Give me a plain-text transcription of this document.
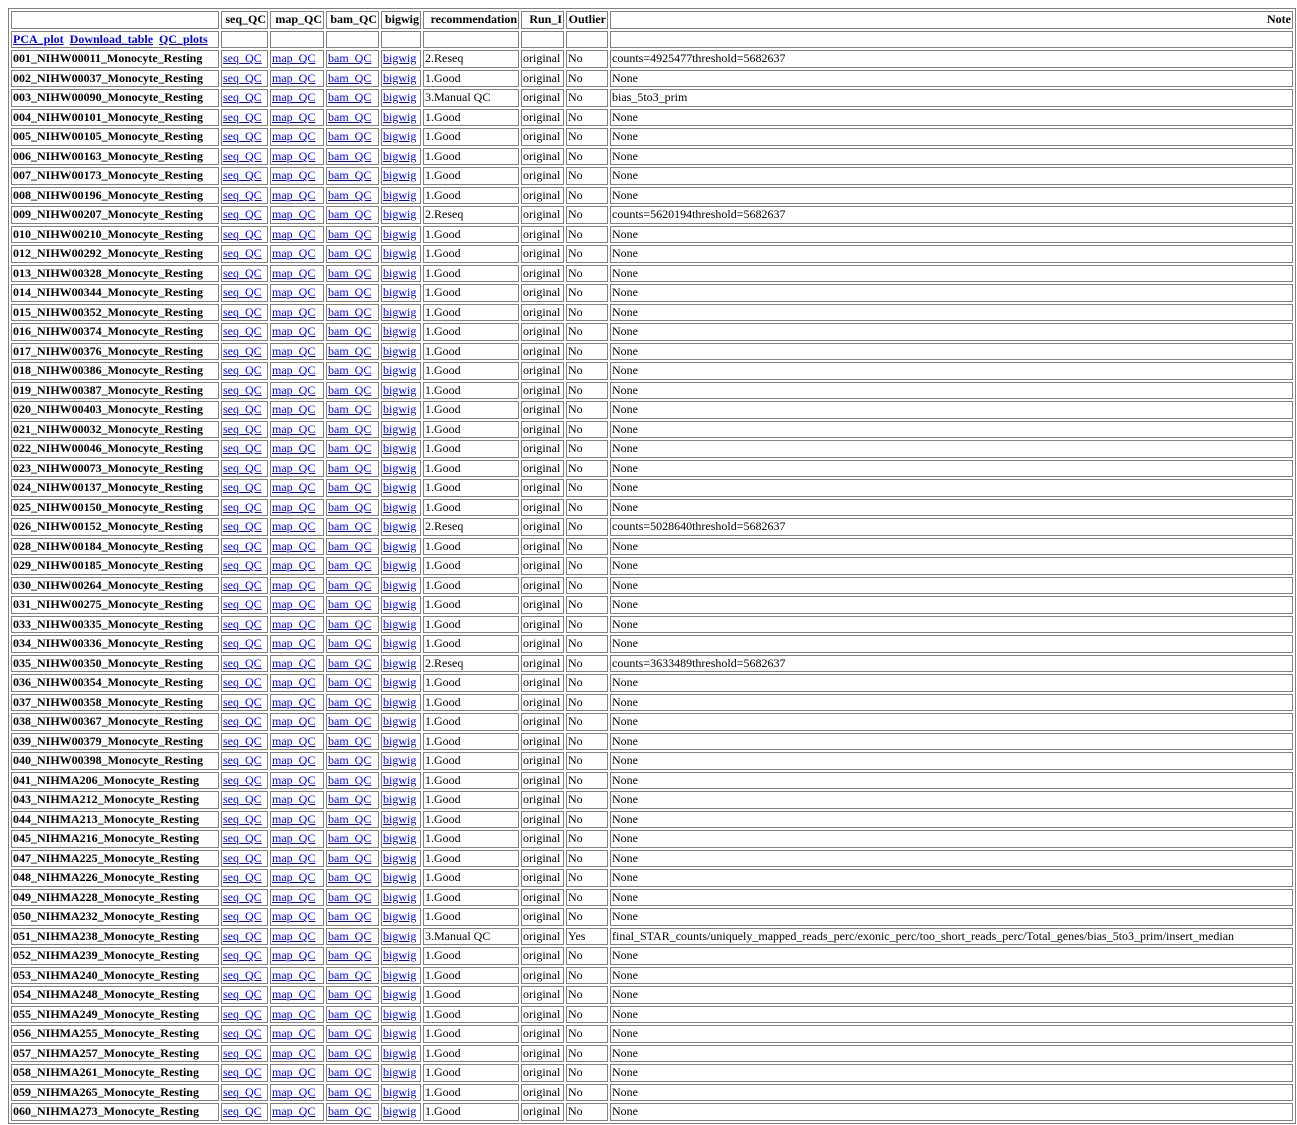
	seq_QC	map_QC	bam_QC	bigwig	recommendation	Run_I	Outlier	Note
PCA_plot Download_table QC_plots								
001_NIHW00011_Monocyte_Resting	seq_QC	map_QC	bam_QC	bigwig	2.Reseq	original	No	counts=4925477threshold=5682637
002_NIHW00037_Monocyte_Resting	seq_QC	map_QC	bam_QC	bigwig	1.Good	original	No	None
003_NIHW00090_Monocyte_Resting	seq_QC	map_QC	bam_QC	bigwig	3.Manual QC	original	No	bias_5to3_prim
004_NIHW00101_Monocyte_Resting	seq_QC	map_QC	bam_QC	bigwig	1.Good	original	No	None
005_NIHW00105_Monocyte_Resting	seq_QC	map_QC	bam_QC	bigwig	1.Good	original	No	None
006_NIHW00163_Monocyte_Resting	seq_QC	map_QC	bam_QC	bigwig	1.Good	original	No	None
007_NIHW00173_Monocyte_Resting	seq_QC	map_QC	bam_QC	bigwig	1.Good	original	No	None
008_NIHW00196_Monocyte_Resting	seq_QC	map_QC	bam_QC	bigwig	1.Good	original	No	None
009_NIHW00207_Monocyte_Resting	seq_QC	map_QC	bam_QC	bigwig	2.Reseq	original	No	counts=5620194threshold=5682637
010_NIHW00210_Monocyte_Resting	seq_QC	map_QC	bam_QC	bigwig	1.Good	original	No	None
012_NIHW00292_Monocyte_Resting	seq_QC	map_QC	bam_QC	bigwig	1.Good	original	No	None
013_NIHW00328_Monocyte_Resting	seq_QC	map_QC	bam_QC	bigwig	1.Good	original	No	None
014_NIHW00344_Monocyte_Resting	seq_QC	map_QC	bam_QC	bigwig	1.Good	original	No	None
015_NIHW00352_Monocyte_Resting	seq_QC	map_QC	bam_QC	bigwig	1.Good	original	No	None
016_NIHW00374_Monocyte_Resting	seq_QC	map_QC	bam_QC	bigwig	1.Good	original	No	None
017_NIHW00376_Monocyte_Resting	seq_QC	map_QC	bam_QC	bigwig	1.Good	original	No	None
018_NIHW00386_Monocyte_Resting	seq_QC	map_QC	bam_QC	bigwig	1.Good	original	No	None
019_NIHW00387_Monocyte_Resting	seq_QC	map_QC	bam_QC	bigwig	1.Good	original	No	None
020_NIHW00403_Monocyte_Resting	seq_QC	map_QC	bam_QC	bigwig	1.Good	original	No	None
021_NIHW00032_Monocyte_Resting	seq_QC	map_QC	bam_QC	bigwig	1.Good	original	No	None
022_NIHW00046_Monocyte_Resting	seq_QC	map_QC	bam_QC	bigwig	1.Good	original	No	None
023_NIHW00073_Monocyte_Resting	seq_QC	map_QC	bam_QC	bigwig	1.Good	original	No	None
024_NIHW00137_Monocyte_Resting	seq_QC	map_QC	bam_QC	bigwig	1.Good	original	No	None
025_NIHW00150_Monocyte_Resting	seq_QC	map_QC	bam_QC	bigwig	1.Good	original	No	None
026_NIHW00152_Monocyte_Resting	seq_QC	map_QC	bam_QC	bigwig	2.Reseq	original	No	counts=5028640threshold=5682637
028_NIHW00184_Monocyte_Resting	seq_QC	map_QC	bam_QC	bigwig	1.Good	original	No	None
029_NIHW00185_Monocyte_Resting	seq_QC	map_QC	bam_QC	bigwig	1.Good	original	No	None
030_NIHW00264_Monocyte_Resting	seq_QC	map_QC	bam_QC	bigwig	1.Good	original	No	None
031_NIHW00275_Monocyte_Resting	seq_QC	map_QC	bam_QC	bigwig	1.Good	original	No	None
033_NIHW00335_Monocyte_Resting	seq_QC	map_QC	bam_QC	bigwig	1.Good	original	No	None
034_NIHW00336_Monocyte_Resting	seq_QC	map_QC	bam_QC	bigwig	1.Good	original	No	None
035_NIHW00350_Monocyte_Resting	seq_QC	map_QC	bam_QC	bigwig	2.Reseq	original	No	counts=3633489threshold=5682637
036_NIHW00354_Monocyte_Resting	seq_QC	map_QC	bam_QC	bigwig	1.Good	original	No	None
037_NIHW00358_Monocyte_Resting	seq_QC	map_QC	bam_QC	bigwig	1.Good	original	No	None
038_NIHW00367_Monocyte_Resting	seq_QC	map_QC	bam_QC	bigwig	1.Good	original	No	None
039_NIHW00379_Monocyte_Resting	seq_QC	map_QC	bam_QC	bigwig	1.Good	original	No	None
040_NIHW00398_Monocyte_Resting	seq_QC	map_QC	bam_QC	bigwig	1.Good	original	No	None
041_NIHMA206_Monocyte_Resting	seq_QC	map_QC	bam_QC	bigwig	1.Good	original	No	None
043_NIHMA212_Monocyte_Resting	seq_QC	map_QC	bam_QC	bigwig	1.Good	original	No	None
044_NIHMA213_Monocyte_Resting	seq_QC	map_QC	bam_QC	bigwig	1.Good	original	No	None
045_NIHMA216_Monocyte_Resting	seq_QC	map_QC	bam_QC	bigwig	1.Good	original	No	None
047_NIHMA225_Monocyte_Resting	seq_QC	map_QC	bam_QC	bigwig	1.Good	original	No	None
048_NIHMA226_Monocyte_Resting	seq_QC	map_QC	bam_QC	bigwig	1.Good	original	No	None
049_NIHMA228_Monocyte_Resting	seq_QC	map_QC	bam_QC	bigwig	1.Good	original	No	None
050_NIHMA232_Monocyte_Resting	seq_QC	map_QC	bam_QC	bigwig	1.Good	original	No	None
051_NIHMA238_Monocyte_Resting	seq_QC	map_QC	bam_QC	bigwig	3.Manual QC	original	Yes	final_STAR_counts/uniquely_mapped_reads_perc/exonic_perc/too_short_reads_perc/Total_genes/bias_5to3_prim/insert_median
052_NIHMA239_Monocyte_Resting	seq_QC	map_QC	bam_QC	bigwig	1.Good	original	No	None
053_NIHMA240_Monocyte_Resting	seq_QC	map_QC	bam_QC	bigwig	1.Good	original	No	None
054_NIHMA248_Monocyte_Resting	seq_QC	map_QC	bam_QC	bigwig	1.Good	original	No	None
055_NIHMA249_Monocyte_Resting	seq_QC	map_QC	bam_QC	bigwig	1.Good	original	No	None
056_NIHMA255_Monocyte_Resting	seq_QC	map_QC	bam_QC	bigwig	1.Good	original	No	None
057_NIHMA257_Monocyte_Resting	seq_QC	map_QC	bam_QC	bigwig	1.Good	original	No	None
058_NIHMA261_Monocyte_Resting	seq_QC	map_QC	bam_QC	bigwig	1.Good	original	No	None
059_NIHMA265_Monocyte_Resting	seq_QC	map_QC	bam_QC	bigwig	1.Good	original	No	None
060_NIHMA273_Monocyte_Resting	seq_QC	map_QC	bam_QC	bigwig	1.Good	original	No	None
